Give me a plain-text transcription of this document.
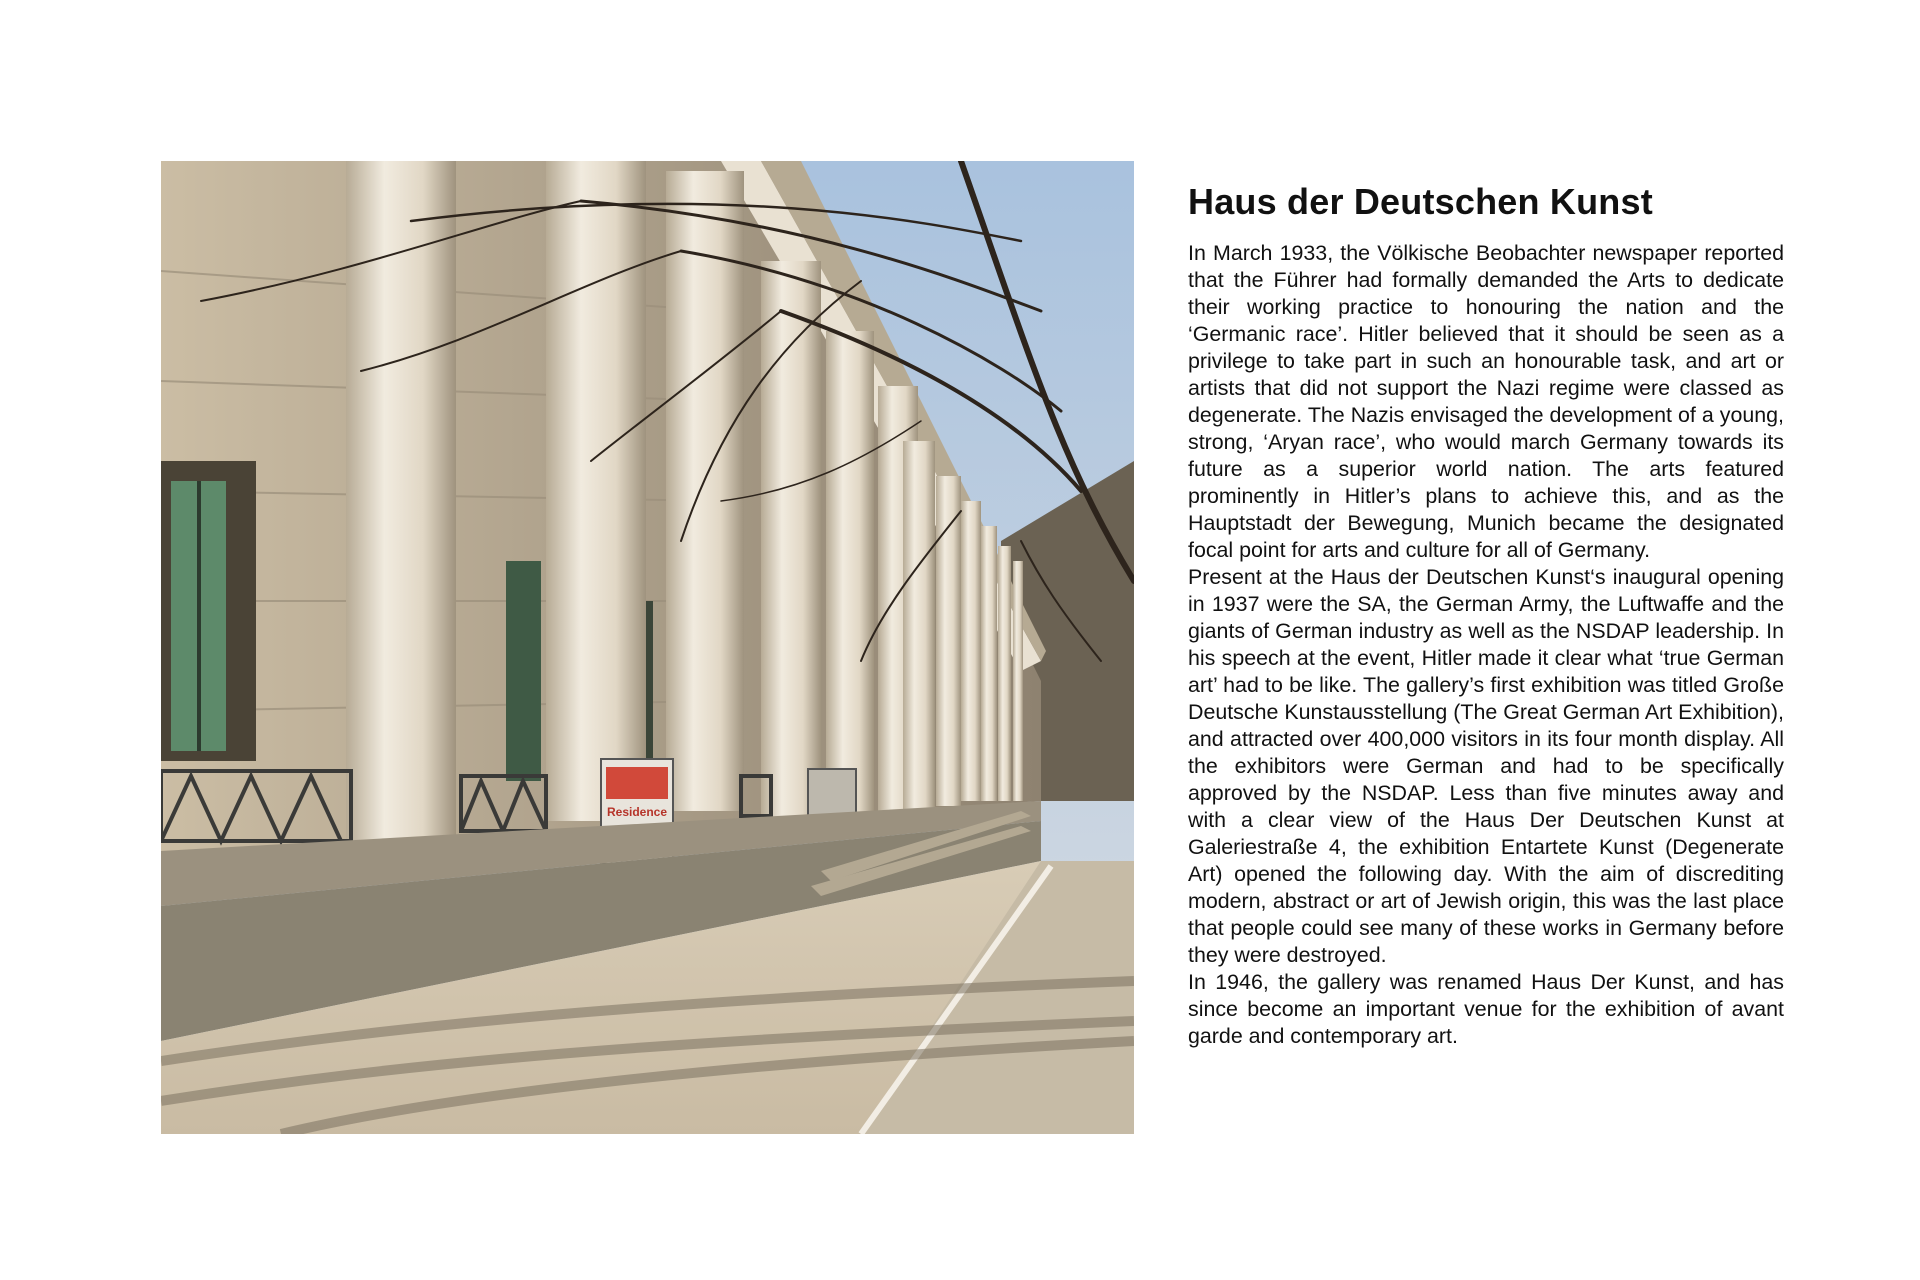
Residence
Haus der Deutschen Kunst

In March 1933, the Völkische Beobachter newspaper reported that the Führer had formally demanded the Arts to dedicate their working practice to honouring the nation and the ‘Germanic race’. Hitler believed that it should be seen as a privilege to take part in such an honourable task, and art or artists that did not support the Nazi regime were classed as degenerate. The Nazis envisaged the development of a young, strong, ‘Aryan race’, who would march Germany towards its future as a superior world nation. The arts featured prominently in Hitler’s plans to achieve this, and as the Hauptstadt der Bewegung, Munich became the designated focal point for arts and culture for all of Germany.

Present at the Haus der Deutschen Kunst‘s inaugural opening in 1937 were the SA, the German Army, the Luftwaffe and the giants of German industry as well as the NSDAP leadership. In his speech at the event, Hitler made it clear what ‘true German art’ had to be like. The gallery’s first exhibition was titled Große Deutsche Kunstausstellung (The Great German Art Exhibition), and attracted over 400,000 visitors in its four month display. All the exhibitors were German and had to be specifically approved by the NSDAP. Less than five minutes away and with a clear view of the Haus Der Deutschen Kunst at Galeriestraße 4, the exhibition Entartete Kunst (Degenerate Art) opened the following day. With the aim of discrediting modern, abstract or art of Jewish origin, this was the last place that people could see many of these works in Germany before they were destroyed.

In 1946, the gallery was renamed Haus Der Kunst, and has since become an important venue for the exhibition of avant garde and contemporary art.
